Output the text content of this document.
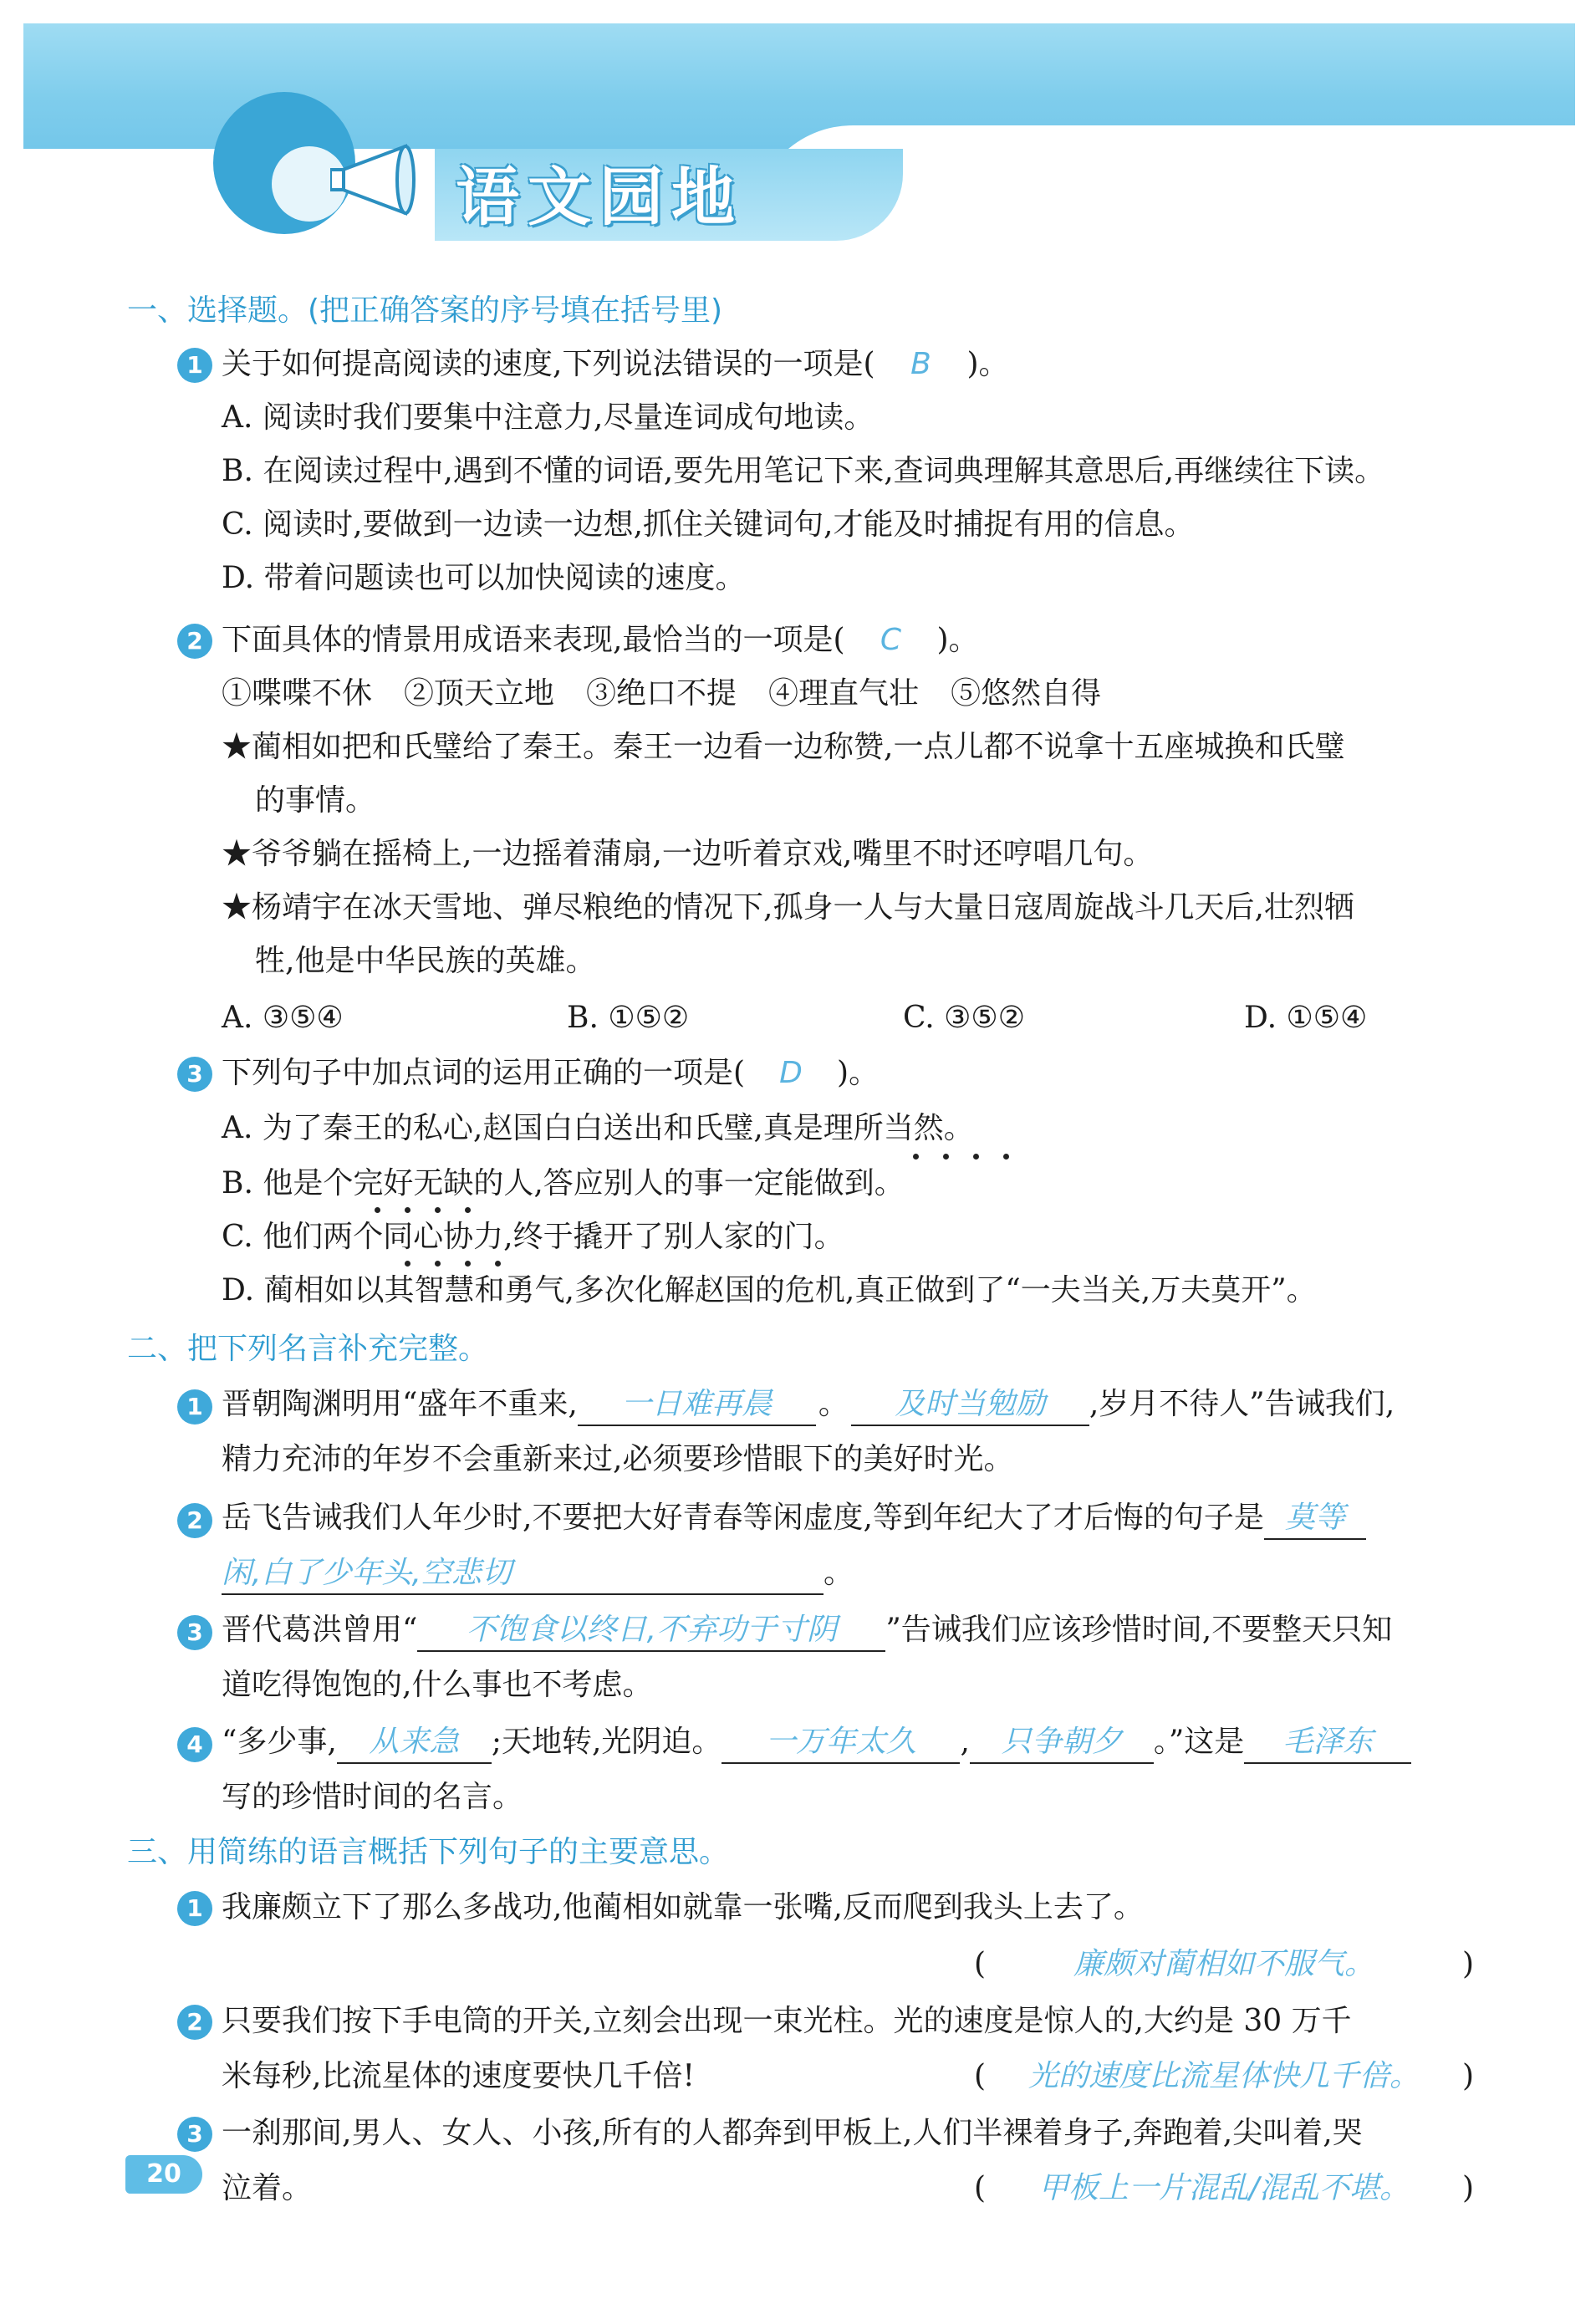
语文园地
一、选择题。(把正确答案的序号填在括号里)
1 关于如何提高阅读的速度,下列说法错误的一项是( B )。
A. 阅读时我们要集中注意力,尽量连词成句地读。
B. 在阅读过程中,遇到不懂的词语,要先用笔记下来,查词典理解其意思后,再继续往下读。
C. 阅读时,要做到一边读一边想,抓住关键词句,才能及时捕捉有用的信息。
D. 带着问题读也可以加快阅读的速度。
2 下面具体的情景用成语来表现,最恰当的一项是( C )。
①喋喋不休 ②顶天立地 ③绝口不提 ④理直气壮 ⑤悠然自得
★蔺相如把和氏璧给了秦王。秦王一边看一边称赞,一点儿都不说拿十五座城换和氏璧
的事情。
★爷爷躺在摇椅上,一边摇着蒲扇,一边听着京戏,嘴里不时还哼唱几句。
★杨靖宇在冰天雪地、弹尽粮绝的情况下,孤身一人与大量日寇周旋战斗几天后,壮烈牺
牲,他是中华民族的英雄。
A. ③⑤④	B. ①⑤②	C. ③⑤②	D. ①⑤④
3 下列句子中加点词的运用正确的一项是( D )。
A. 为了秦王的私心,赵国白白送出和氏璧,真是理所当然。
B. 他是个完好无缺的人,答应别人的事一定能做到。
C. 他们两个同心协力,终于撬开了别人家的门。
D. 蔺相如以其智慧和勇气,多次化解赵国的危机,真正做到了“一夫当关,万夫莫开”。
二、把下列名言补充完整。
1 晋朝陶渊明用“盛年不重来, 一日难再晨 。 及时当勉励 ,岁月不待人”告诫我们,
精力充沛的年岁不会重新来过,必须要珍惜眼下的美好时光。
2 岳飞告诫我们人年少时,不要把大好青春等闲虚度,等到年纪大了才后悔的句子是 莫等
闲,白了少年头,空悲切	。
3 晋代葛洪曾用“ 不饱食以终日,不弃功于寸阴 ”告诫我们应该珍惜时间,不要整天只知
道吃得饱饱的,什么事也不考虑。
4 “多少事, 从来急 ;天地转,光阴迫。 一万年太久 , 只争朝夕 。”这是 毛泽东
写的珍惜时间的名言。
三、用简练的语言概括下列句子的主要意思。
1 我廉颇立下了那么多战功,他蔺相如就靠一张嘴,反而爬到我头上去了。
(	廉颇对蔺相如不服气。	)
2 只要我们按下手电筒的开关,立刻会出现一束光柱。光的速度是惊人的,大约是 30 万千
米每秒,比流星体的速度要快几千倍!	( 光的速度比流星体快几千倍。 )
3 一刹那间,男人、女人、小孩,所有的人都奔到甲板上,人们半裸着身子,奔跑着,尖叫着,哭
泣着。	( 甲板上一片混乱/混乱不堪。 )
20
